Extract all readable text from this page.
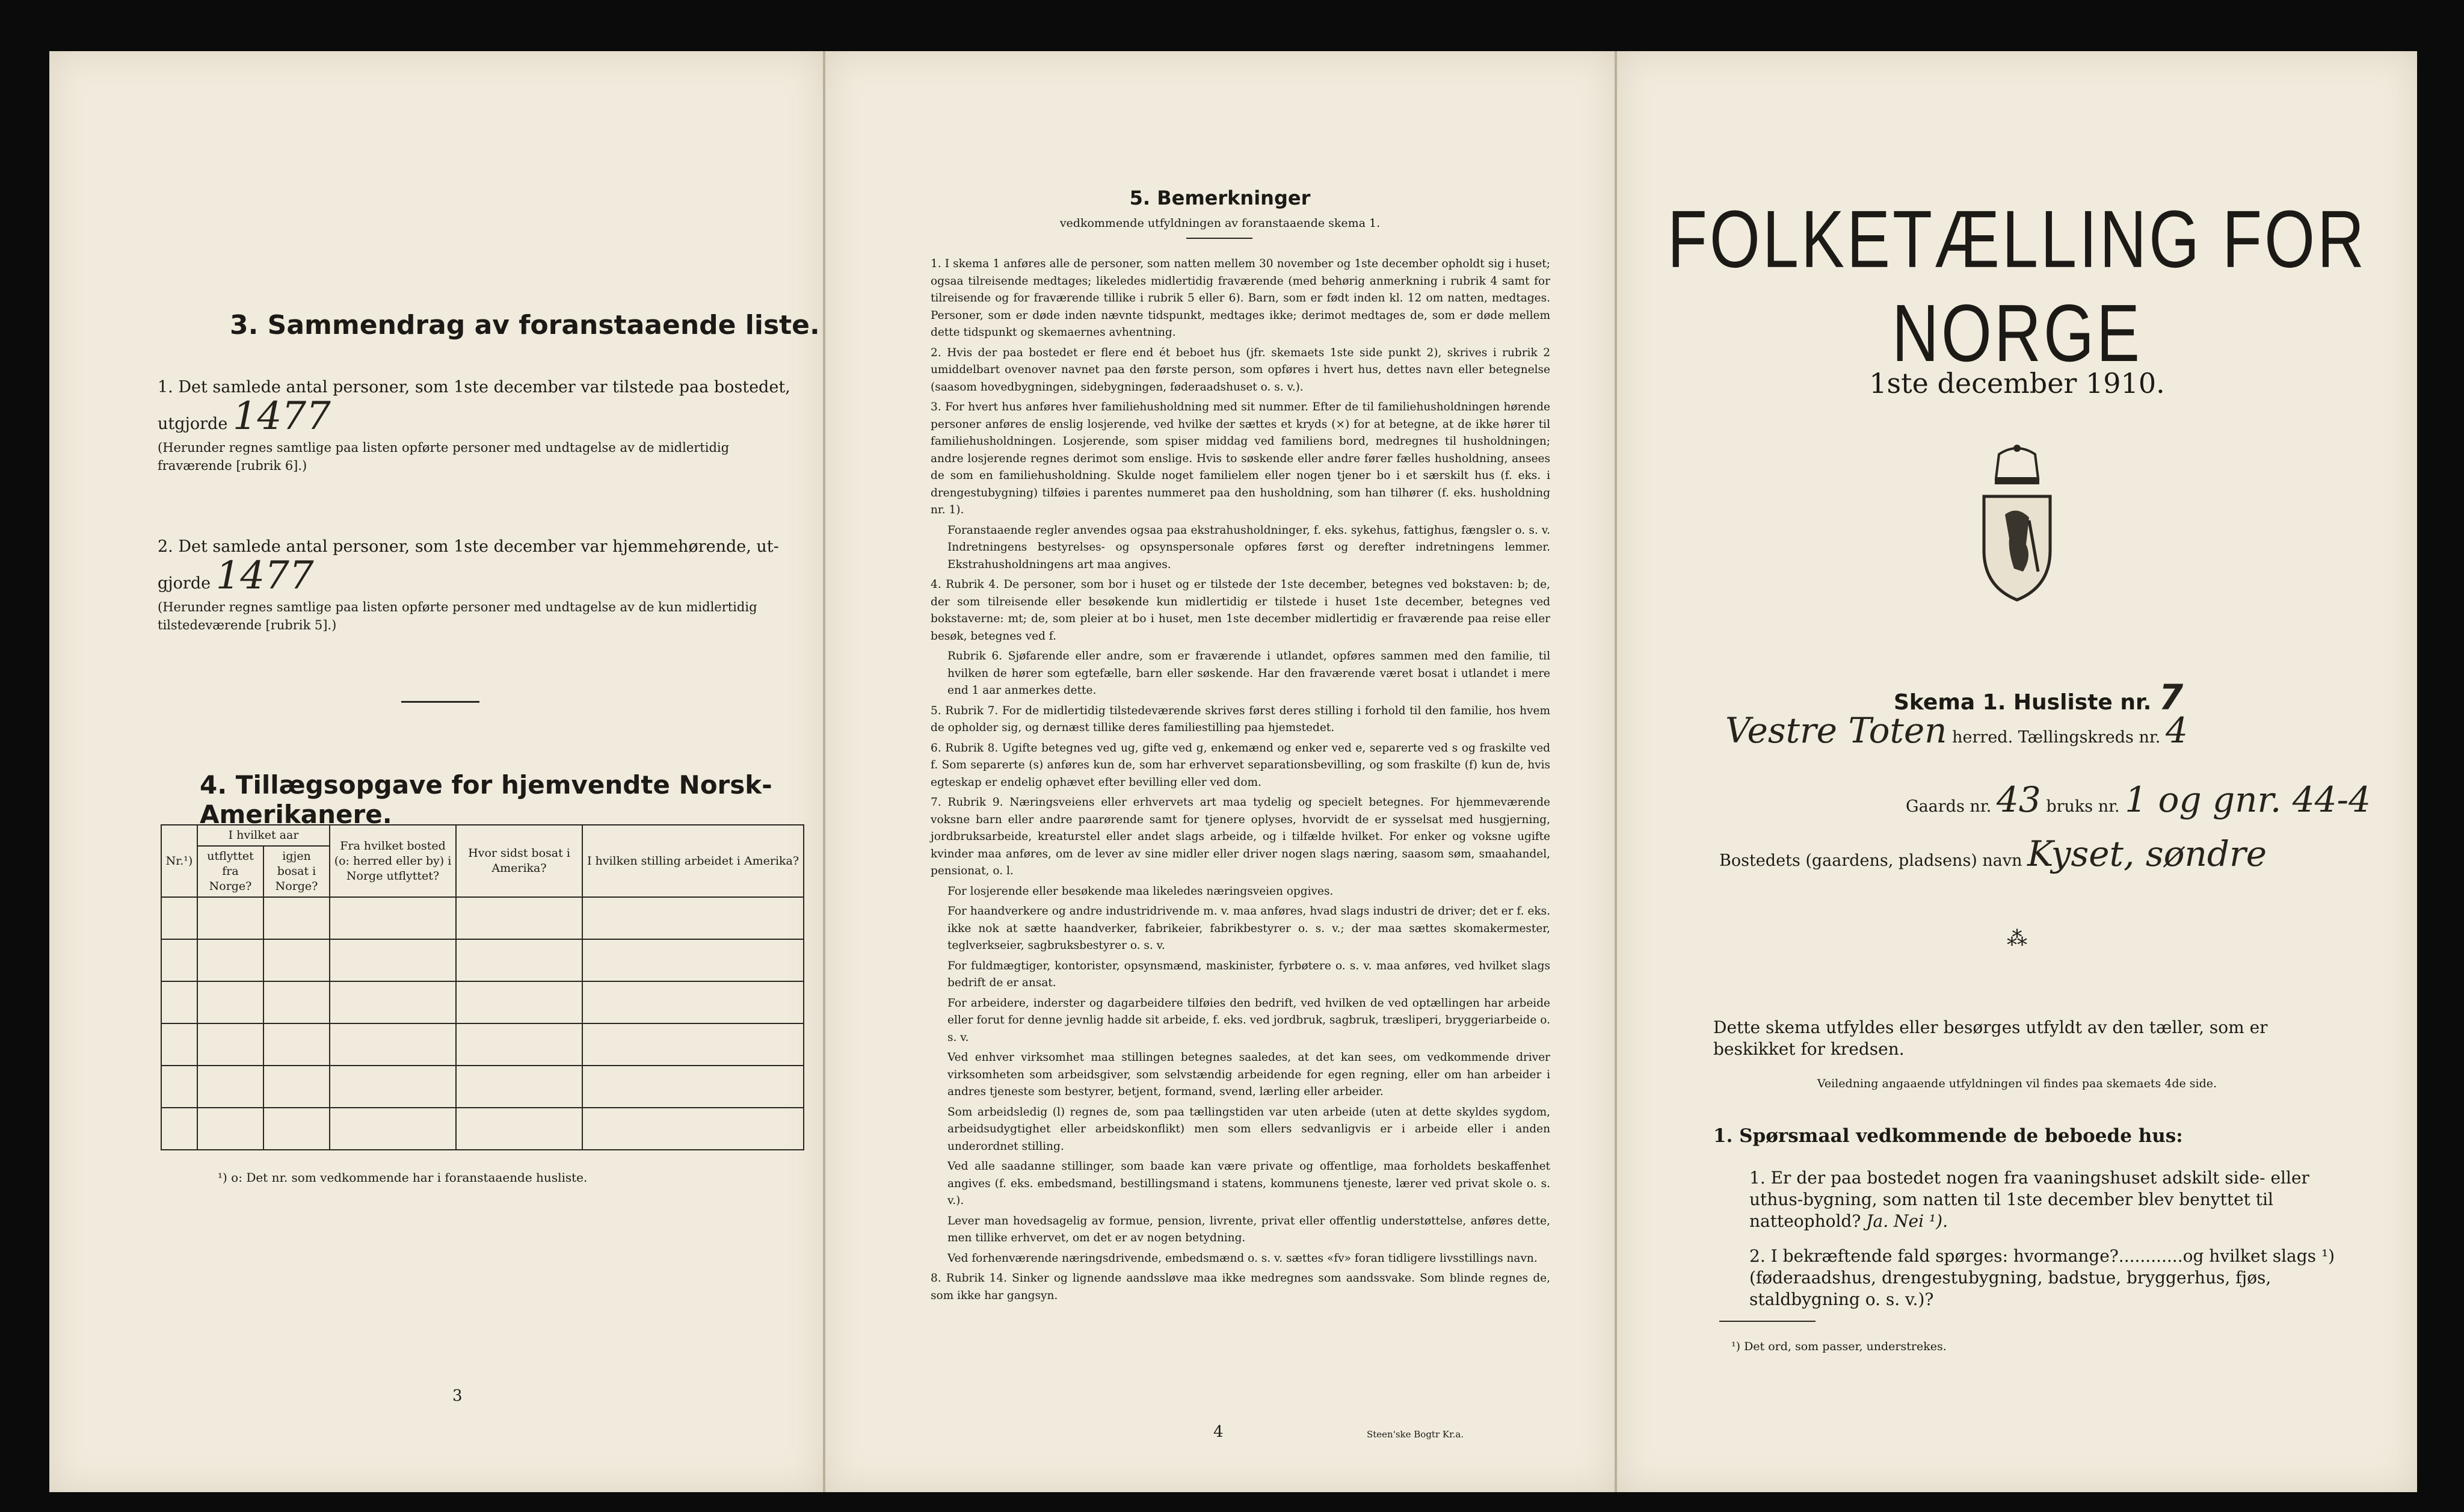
3. Sammendrag av foranstaaende liste.
1. Det samlede antal personer, som 1ste december var tilstede paa bostedet,
utgjorde 1477
(Herunder regnes samtlige paa listen opførte personer med undtagelse av de midlertidig fraværende [rubrik 6].)
2. Det samlede antal personer, som 1ste december var hjemmehørende, ut-
gjorde 1477
(Herunder regnes samtlige paa listen opførte personer med undtagelse av de kun midlertidig tilstedeværende [rubrik 5].)
4. Tillægsopgave for hjemvendte Norsk-Amerikanere.
Nr.¹)	I hvilket aar		Fra hvilket bosted (o: herred eller by) i Norge utflyttet?	Hvor sidst bosat i Amerika?	I hvilken stilling arbeidet i Amerika?
	utflyttet fra Norge?	igjen bosat i Norge?			

¹) o: Det nr. som vedkommende har i foranstaaende husliste.
3
5. Bemerkninger
vedkommende utfyldningen av foranstaaende skema 1.

1. I skema 1 anføres alle de personer, som natten mellem 30 november og 1ste december opholdt sig i huset; ogsaa tilreisende medtages; likeledes midlertidig fraværende (med behørig anmerkning i rubrik 4 samt for tilreisende og for fraværende tillike i rubrik 5 eller 6). Barn, som er født inden kl. 12 om natten, medtages. Personer, som er døde inden nævnte tidspunkt, medtages ikke; derimot medtages de, som er døde mellem dette tidspunkt og skemaernes avhentning.

2. Hvis der paa bostedet er flere end ét beboet hus (jfr. skemaets 1ste side punkt 2), skrives i rubrik 2 umiddelbart ovenover navnet paa den første person, som opføres i hvert hus, dettes navn eller betegnelse (saasom hovedbygningen, sidebygningen, føderaadshuset o. s. v.).

3. For hvert hus anføres hver familiehusholdning med sit nummer. Efter de til familiehusholdningen hørende personer anføres de enslig losjerende, ved hvilke der sættes et kryds (×) for at betegne, at de ikke hører til familiehusholdningen. Losjerende, som spiser middag ved familiens bord, medregnes til husholdningen; andre losjerende regnes derimot som enslige. Hvis to søskende eller andre fører fælles husholdning, ansees de som en familiehusholdning. Skulde noget familielem eller nogen tjener bo i et særskilt hus (f. eks. i drengestubygning) tilføies i parentes nummeret paa den husholdning, som han tilhører (f. eks. husholdning nr. 1).

Foranstaaende regler anvendes ogsaa paa ekstrahusholdninger, f. eks. sykehus, fattighus, fængsler o. s. v. Indretningens bestyrelses- og opsynspersonale opføres først og derefter indretningens lemmer. Ekstrahusholdningens art maa angives.

4. Rubrik 4. De personer, som bor i huset og er tilstede der 1ste december, betegnes ved bokstaven: b; de, der som tilreisende eller besøkende kun midlertidig er tilstede i huset 1ste december, betegnes ved bokstaverne: mt; de, som pleier at bo i huset, men 1ste december midlertidig er fraværende paa reise eller besøk, betegnes ved f.

Rubrik 6. Sjøfarende eller andre, som er fraværende i utlandet, opføres sammen med den familie, til hvilken de hører som egtefælle, barn eller søskende. Har den fraværende været bosat i utlandet i mere end 1 aar anmerkes dette.

5. Rubrik 7. For de midlertidig tilstedeværende skrives først deres stilling i forhold til den familie, hos hvem de opholder sig, og dernæst tillike deres familiestilling paa hjemstedet.

6. Rubrik 8. Ugifte betegnes ved ug, gifte ved g, enkemænd og enker ved e, separerte ved s og fraskilte ved f. Som separerte (s) anføres kun de, som har erhvervet separationsbevilling, og som fraskilte (f) kun de, hvis egteskap er endelig ophævet efter bevilling eller ved dom.

7. Rubrik 9. Næringsveiens eller erhvervets art maa tydelig og specielt betegnes. For hjemmeværende voksne barn eller andre paarørende samt for tjenere oplyses, hvorvidt de er sysselsat med husgjerning, jordbruksarbeide, kreaturstel eller andet slags arbeide, og i tilfælde hvilket. For enker og voksne ugifte kvinder maa anføres, om de lever av sine midler eller driver nogen slags næring, saasom søm, smaahandel, pensionat, o. l.

For losjerende eller besøkende maa likeledes næringsveien opgives.

For haandverkere og andre industridrivende m. v. maa anføres, hvad slags industri de driver; det er f. eks. ikke nok at sætte haandverker, fabrikeier, fabrikbestyrer o. s. v.; der maa sættes skomakermester, teglverkseier, sagbruksbestyrer o. s. v.

For fuldmægtiger, kontorister, opsynsmænd, maskinister, fyrbøtere o. s. v. maa anføres, ved hvilket slags bedrift de er ansat.

For arbeidere, inderster og dagarbeidere tilføies den bedrift, ved hvilken de ved optællingen har arbeide eller forut for denne jevnlig hadde sit arbeide, f. eks. ved jordbruk, sagbruk, træsliperi, bryggeriarbeide o. s. v.

Ved enhver virksomhet maa stillingen betegnes saaledes, at det kan sees, om vedkommende driver virksomheten som arbeidsgiver, som selvstændig arbeidende for egen regning, eller om han arbeider i andres tjeneste som bestyrer, betjent, formand, svend, lærling eller arbeider.

Som arbeidsledig (l) regnes de, som paa tællingstiden var uten arbeide (uten at dette skyldes sygdom, arbeidsudygtighet eller arbeidskonflikt) men som ellers sedvanligvis er i arbeide eller i anden underordnet stilling.

Ved alle saadanne stillinger, som baade kan være private og offentlige, maa forholdets beskaffenhet angives (f. eks. embedsmand, bestillingsmand i statens, kommunens tjeneste, lærer ved privat skole o. s. v.).

Lever man hovedsagelig av formue, pension, livrente, privat eller offentlig understøttelse, anføres dette, men tillike erhvervet, om det er av nogen betydning.

Ved forhenværende næringsdrivende, embedsmænd o. s. v. sættes «fv» foran tidligere livsstillings navn.

8. Rubrik 14. Sinker og lignende aandssløve maa ikke medregnes som aandssvake. Som blinde regnes de, som ikke har gangsyn.

4	Steen'ske Bogtr Kr.a.
FOLKETÆLLING FOR NORGE
1ste december 1910.
Skema 1. Husliste nr. 7
Vestre Toten herred. Tællingskreds nr. 4
Gaards nr. 43 bruks nr. 1 og gnr. 44-4
Bostedets (gaardens, pladsens) navn Kyset, søndre
⁂
Dette skema utfyldes eller besørges utfyldt av den tæller, som er beskikket for kredsen.
Veiledning angaaende utfyldningen vil findes paa skemaets 4de side.
1. Spørsmaal vedkommende de beboede hus:
1. Er der paa bostedet nogen fra vaaningshuset adskilt side- eller uthus-bygning, som natten til 1ste december blev benyttet til natteophold? Ja. Nei ¹).
2. I bekræftende fald spørges: hvormange?............og hvilket slags ¹) (føderaadshus, drengestubygning, badstue, bryggerhus, fjøs, staldbygning o. s. v.)?
¹) Det ord, som passer, understrekes.
